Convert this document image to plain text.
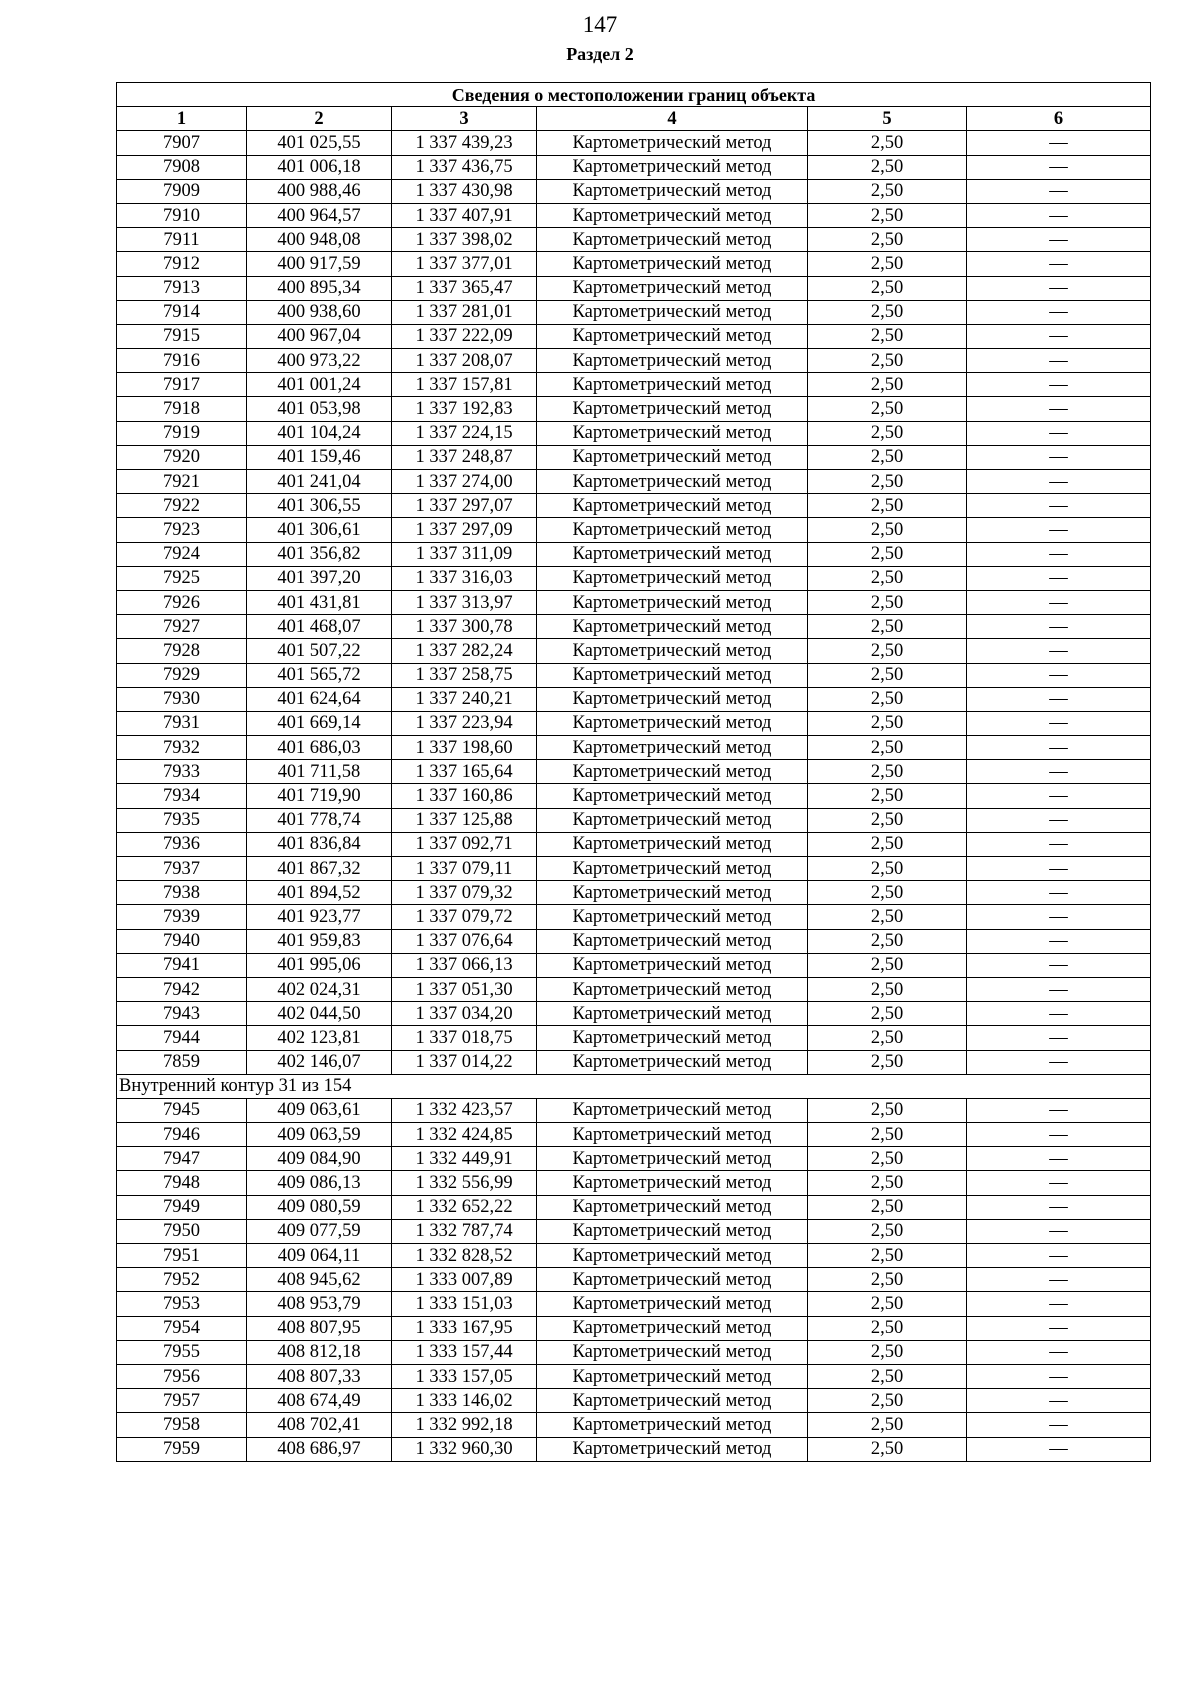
147
Раздел 2
Сведения о местоположении границ объекта					
1	2	3	4	5	6
7907	401 025,55	1 337 439,23	Картометрический метод	2,50	—
7908	401 006,18	1 337 436,75	Картометрический метод	2,50	—
7909	400 988,46	1 337 430,98	Картометрический метод	2,50	—
7910	400 964,57	1 337 407,91	Картометрический метод	2,50	—
7911	400 948,08	1 337 398,02	Картометрический метод	2,50	—
7912	400 917,59	1 337 377,01	Картометрический метод	2,50	—
7913	400 895,34	1 337 365,47	Картометрический метод	2,50	—
7914	400 938,60	1 337 281,01	Картометрический метод	2,50	—
7915	400 967,04	1 337 222,09	Картометрический метод	2,50	—
7916	400 973,22	1 337 208,07	Картометрический метод	2,50	—
7917	401 001,24	1 337 157,81	Картометрический метод	2,50	—
7918	401 053,98	1 337 192,83	Картометрический метод	2,50	—
7919	401 104,24	1 337 224,15	Картометрический метод	2,50	—
7920	401 159,46	1 337 248,87	Картометрический метод	2,50	—
7921	401 241,04	1 337 274,00	Картометрический метод	2,50	—
7922	401 306,55	1 337 297,07	Картометрический метод	2,50	—
7923	401 306,61	1 337 297,09	Картометрический метод	2,50	—
7924	401 356,82	1 337 311,09	Картометрический метод	2,50	—
7925	401 397,20	1 337 316,03	Картометрический метод	2,50	—
7926	401 431,81	1 337 313,97	Картометрический метод	2,50	—
7927	401 468,07	1 337 300,78	Картометрический метод	2,50	—
7928	401 507,22	1 337 282,24	Картометрический метод	2,50	—
7929	401 565,72	1 337 258,75	Картометрический метод	2,50	—
7930	401 624,64	1 337 240,21	Картометрический метод	2,50	—
7931	401 669,14	1 337 223,94	Картометрический метод	2,50	—
7932	401 686,03	1 337 198,60	Картометрический метод	2,50	—
7933	401 711,58	1 337 165,64	Картометрический метод	2,50	—
7934	401 719,90	1 337 160,86	Картометрический метод	2,50	—
7935	401 778,74	1 337 125,88	Картометрический метод	2,50	—
7936	401 836,84	1 337 092,71	Картометрический метод	2,50	—
7937	401 867,32	1 337 079,11	Картометрический метод	2,50	—
7938	401 894,52	1 337 079,32	Картометрический метод	2,50	—
7939	401 923,77	1 337 079,72	Картометрический метод	2,50	—
7940	401 959,83	1 337 076,64	Картометрический метод	2,50	—
7941	401 995,06	1 337 066,13	Картометрический метод	2,50	—
7942	402 024,31	1 337 051,30	Картометрический метод	2,50	—
7943	402 044,50	1 337 034,20	Картометрический метод	2,50	—
7944	402 123,81	1 337 018,75	Картометрический метод	2,50	—
7859	402 146,07	1 337 014,22	Картометрический метод	2,50	—
Внутренний контур 31 из 154					
7945	409 063,61	1 332 423,57	Картометрический метод	2,50	—
7946	409 063,59	1 332 424,85	Картометрический метод	2,50	—
7947	409 084,90	1 332 449,91	Картометрический метод	2,50	—
7948	409 086,13	1 332 556,99	Картометрический метод	2,50	—
7949	409 080,59	1 332 652,22	Картометрический метод	2,50	—
7950	409 077,59	1 332 787,74	Картометрический метод	2,50	—
7951	409 064,11	1 332 828,52	Картометрический метод	2,50	—
7952	408 945,62	1 333 007,89	Картометрический метод	2,50	—
7953	408 953,79	1 333 151,03	Картометрический метод	2,50	—
7954	408 807,95	1 333 167,95	Картометрический метод	2,50	—
7955	408 812,18	1 333 157,44	Картометрический метод	2,50	—
7956	408 807,33	1 333 157,05	Картометрический метод	2,50	—
7957	408 674,49	1 333 146,02	Картометрический метод	2,50	—
7958	408 702,41	1 332 992,18	Картометрический метод	2,50	—
7959	408 686,97	1 332 960,30	Картометрический метод	2,50	—
